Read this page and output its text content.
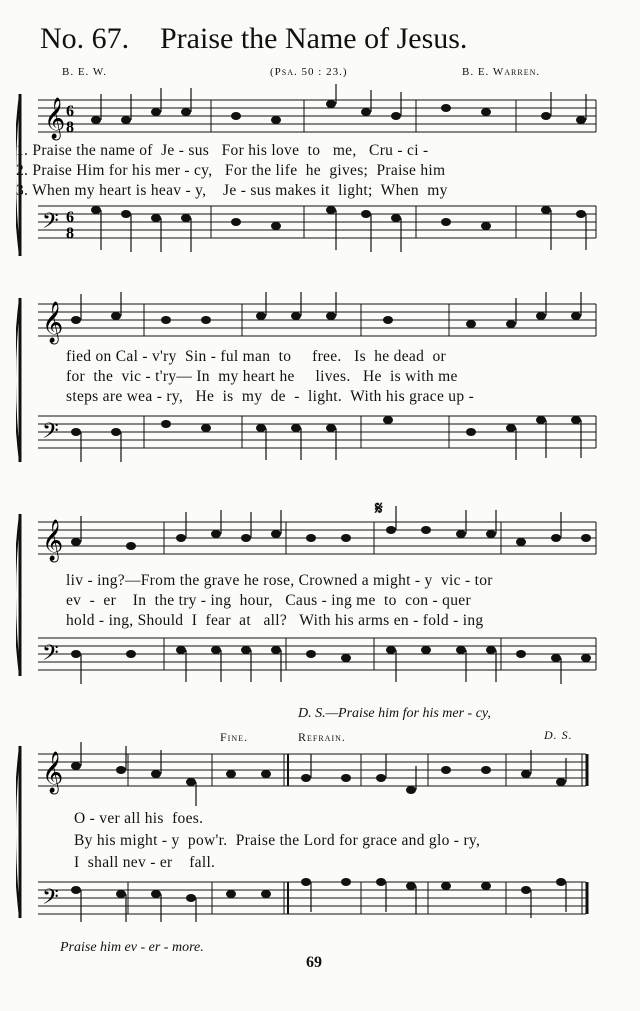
No. 67. Praise the Name of Jesus.
B. E. W.	(Psa. 50 : 23.)	B. E. Warren.
𝄞
𝄢
6
8
6
8
1. Praise the name of  Je - sus   For his love  to   me,   Cru - ci -
2. Praise Him for his mer - cy,   For the life  he  gives;  Praise him
3. When my heart is heav - y,    Je - sus makes it  light;  When  my
𝄞
𝄢
fied on Cal - v'ry  Sin - ful man  to     free.   Is  he dead  or
for  the  vic - t'ry— In  my heart he     lives.   He  is with me
steps are wea - ry,   He  is  my  de  -  light.  With his grace up -
𝄞
𝄢
liv - ing?—From the grave he rose, Crowned a might - y  vic - tor
ev  -  er    In  the try - ing  hour,   Caus - ing me  to  con - quer
hold - ing, Should  I  fear  at   all?   With his arms en - fold - ing
𝄋
D. S.—Praise him for his mer - cy,
Fine.	Refrain.	D. S.
𝄞
𝄢
O - ver all his  foes.
By his might - y  pow'r.  Praise the Lord for grace and glo - ry,
I  shall nev - er    fall.
Praise him ev - er - more.
69
